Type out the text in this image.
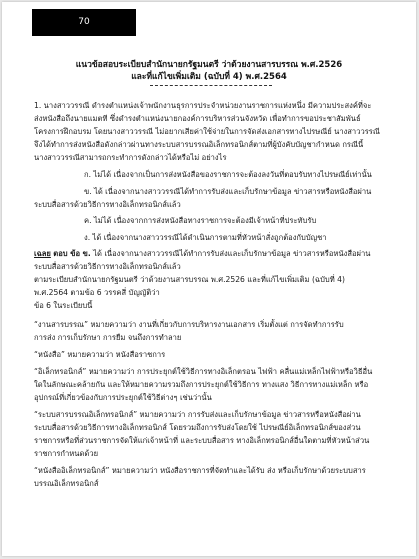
70
แนวข้อสอบระเบียบสำนักนายกรัฐมนตรี ว่าด้วยงานสารบรรณ พ.ศ.2526
และที่แก้ไขเพิ่มเติม (ฉบับที่ 4) พ.ศ.2564
1. นางสาววรรณี ดำรงตำแหน่งเจ้าพนักงานธุรการประจำหน่วยงานราชการแห่งหนึ่ง มีความประสงค์ที่จะ
ส่งหนังสือถึงนายแมตที ซึ่งดำรงตำแหน่งนายกองค์การบริหารส่วนจังหวัด เพื่อทำการขอประชาสัมพันธ์
โครงการฝึกอบรม โดยนางสาววรรณี ไม่อยากเสียค่าใช้จ่ายในการจัดส่งเอกสารทางไปรษณีย์ นางสาววรรณี
จึงได้ทำการส่งหนังสือดังกล่าวผ่านทางระบบสารบรรณอิเล็กทรอนิกส์ตามที่ผู้บังคับบัญชากำหนด กรณีนี้
นางสาววรรณีสามารถกระทำการดังกล่าวได้หรือไม่ อย่างไร
ก. ไม่ได้ เนื่องจากเป็นการส่งหนังสือของราชการจะต้องลงวันที่ตอบรับทางไปรษณีย์เท่านั้น
ข. ได้ เนื่องจากนางสาววรรณีได้ทำการรับส่งและเก็บรักษาข้อมูล ข่าวสารหรือหนังสือผ่าน
ระบบสื่อสารด้วยวิธีการทางอิเล็กทรอนิกส์แล้ว
ค. ไม่ได้ เนื่องจากการส่งหนังสือทางราชการจะต้องมีเจ้าหน้าที่ประทับรับ
ง. ได้ เนื่องจากนางสาววรรณีได้ดำเนินการตามที่หัวหน้าสั่งถูกต้องกับบัญชา
เฉลย ตอบ ข้อ ข. ได้ เนื่องจากนางสาววรรณีได้ทำการรับส่งและเก็บรักษาข้อมูล ข่าวสารหรือหนังสือผ่าน
ระบบสื่อสารด้วยวิธีการทางอิเล็กทรอนิกส์แล้ว
ตามระเบียบสำนักนายกรัฐมนตรี ว่าด้วยงานสารบรรณ พ.ศ.2526 และที่แก้ไขเพิ่มเติม (ฉบับที่ 4)
พ.ศ.2564 ตามข้อ 6 วรรคสี่ บัญญัติว่า
ข้อ 6 ในระเบียบนี้
“งานสารบรรณ” หมายความว่า งานที่เกี่ยวกับการบริหารงานเอกสาร เริ่มตั้งแต่ การจัดทำการรับ
การส่ง การเก็บรักษา การยืม จนถึงการทำลาย
“หนังสือ” หมายความว่า หนังสือราชการ
“อิเล็กทรอนิกส์” หมายความว่า การประยุกต์ใช้วิธีการทางอิเล็กตรอน ไฟฟ้า คลื่นแม่เหล็กไฟฟ้าหรือวิธีอื่น
ใดในลักษณะคล้ายกัน และให้หมายความรวมถึงการประยุกต์ใช้วิธีการ ทางแสง วิธีการทางแม่เหล็ก หรือ
อุปกรณ์ที่เกี่ยวข้องกับการประยุกต์ใช้วิธีต่างๆ เช่นว่านั้น
“ระบบสารบรรณอิเล็กทรอนิกส์” หมายความว่า การรับส่งและเก็บรักษาข้อมูล ข่าวสารหรือหนังสือผ่าน
ระบบสื่อสารด้วยวิธีการทางอิเล็กทรอนิกส์ โดยรวมถึงการรับส่งโดยใช้ ไปรษณีย์อิเล็กทรอนิกส์ของส่วน
ราชการหรือที่ส่วนราชการจัดให้แก่เจ้าหน้าที่ และระบบสื่อสาร ทางอิเล็กทรอนิกส์อื่นใดตามที่หัวหน้าส่วน
ราชการกำหนดด้วย
“หนังสืออิเล็กทรอนิกส์” หมายความว่า หนังสือราชการที่จัดทำและได้รับ ส่ง หรือเก็บรักษาด้วยระบบสาร
บรรณอิเล็กทรอนิกส์
